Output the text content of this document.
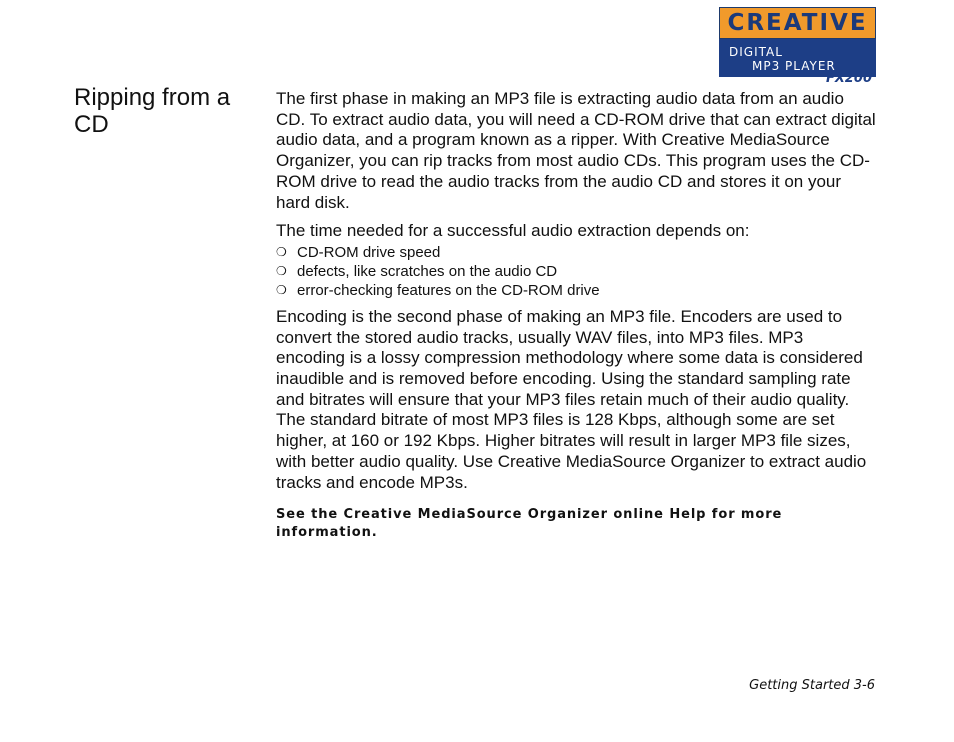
CREATIVE
DIGITAL
MP3 PLAYER
FX200
Ripping from a CD

The first phase in making an MP3 file is extracting audio data from an audio CD. To extract audio data, you will need a CD-ROM drive that can extract digital audio data, and a program known as a ripper. With Creative MediaSource Organizer, you can rip tracks from most audio CDs. This program uses the CD-ROM drive to read the audio tracks from the audio CD and stores it on your hard disk.

The time needed for a successful audio extraction depends on:

❍ CD-ROM drive speed
❍ defects, like scratches on the audio CD
❍ error-checking features on the CD-ROM drive

Encoding is the second phase of making an MP3 file. Encoders are used to convert the stored audio tracks, usually WAV files, into MP3 files. MP3 encoding is a lossy compression methodology where some data is considered inaudible and is removed before encoding. Using the standard sampling rate and bitrates will ensure that your MP3 files retain much of their audio quality. The standard bitrate of most MP3 files is 128 Kbps, although some are set higher, at 160 or 192 Kbps. Higher bitrates will result in larger MP3 file sizes, with better audio quality. Use Creative MediaSource Organizer to extract audio tracks and encode MP3s.

See the Creative MediaSource Organizer online Help for more information.

Getting Started 3-6
